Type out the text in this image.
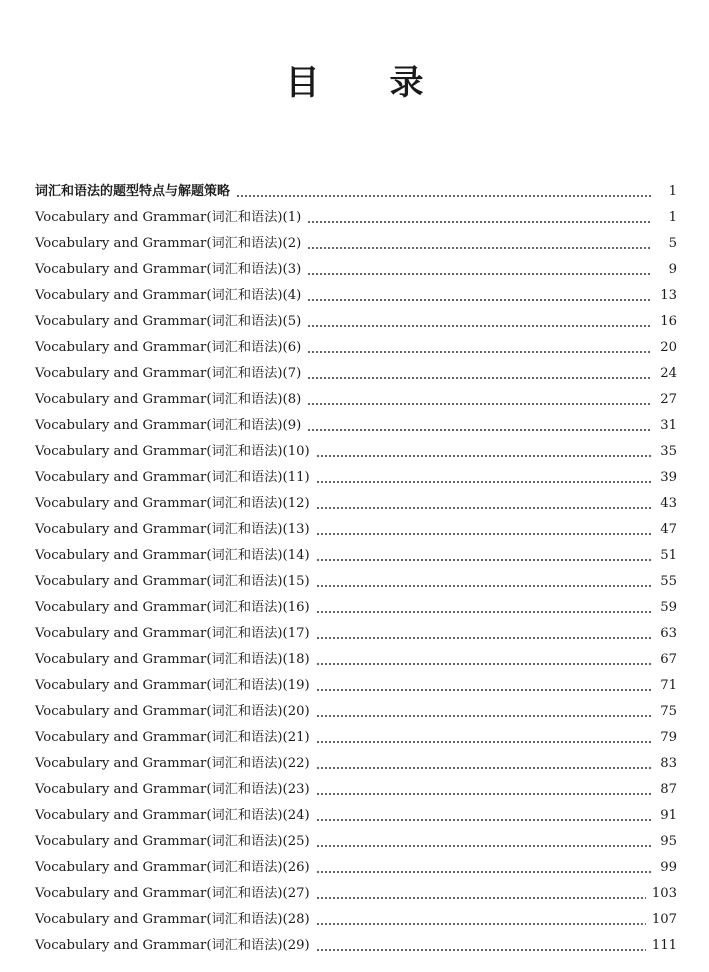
目 录
词汇和语法的题型特点与解题策略	1
Vocabulary and Grammar(词汇和语法)(1)	1
Vocabulary and Grammar(词汇和语法)(2)	5
Vocabulary and Grammar(词汇和语法)(3)	9
Vocabulary and Grammar(词汇和语法)(4)	13
Vocabulary and Grammar(词汇和语法)(5)	16
Vocabulary and Grammar(词汇和语法)(6)	20
Vocabulary and Grammar(词汇和语法)(7)	24
Vocabulary and Grammar(词汇和语法)(8)	27
Vocabulary and Grammar(词汇和语法)(9)	31
Vocabulary and Grammar(词汇和语法)(10)	35
Vocabulary and Grammar(词汇和语法)(11)	39
Vocabulary and Grammar(词汇和语法)(12)	43
Vocabulary and Grammar(词汇和语法)(13)	47
Vocabulary and Grammar(词汇和语法)(14)	51
Vocabulary and Grammar(词汇和语法)(15)	55
Vocabulary and Grammar(词汇和语法)(16)	59
Vocabulary and Grammar(词汇和语法)(17)	63
Vocabulary and Grammar(词汇和语法)(18)	67
Vocabulary and Grammar(词汇和语法)(19)	71
Vocabulary and Grammar(词汇和语法)(20)	75
Vocabulary and Grammar(词汇和语法)(21)	79
Vocabulary and Grammar(词汇和语法)(22)	83
Vocabulary and Grammar(词汇和语法)(23)	87
Vocabulary and Grammar(词汇和语法)(24)	91
Vocabulary and Grammar(词汇和语法)(25)	95
Vocabulary and Grammar(词汇和语法)(26)	99
Vocabulary and Grammar(词汇和语法)(27)	103
Vocabulary and Grammar(词汇和语法)(28)	107
Vocabulary and Grammar(词汇和语法)(29)	111
